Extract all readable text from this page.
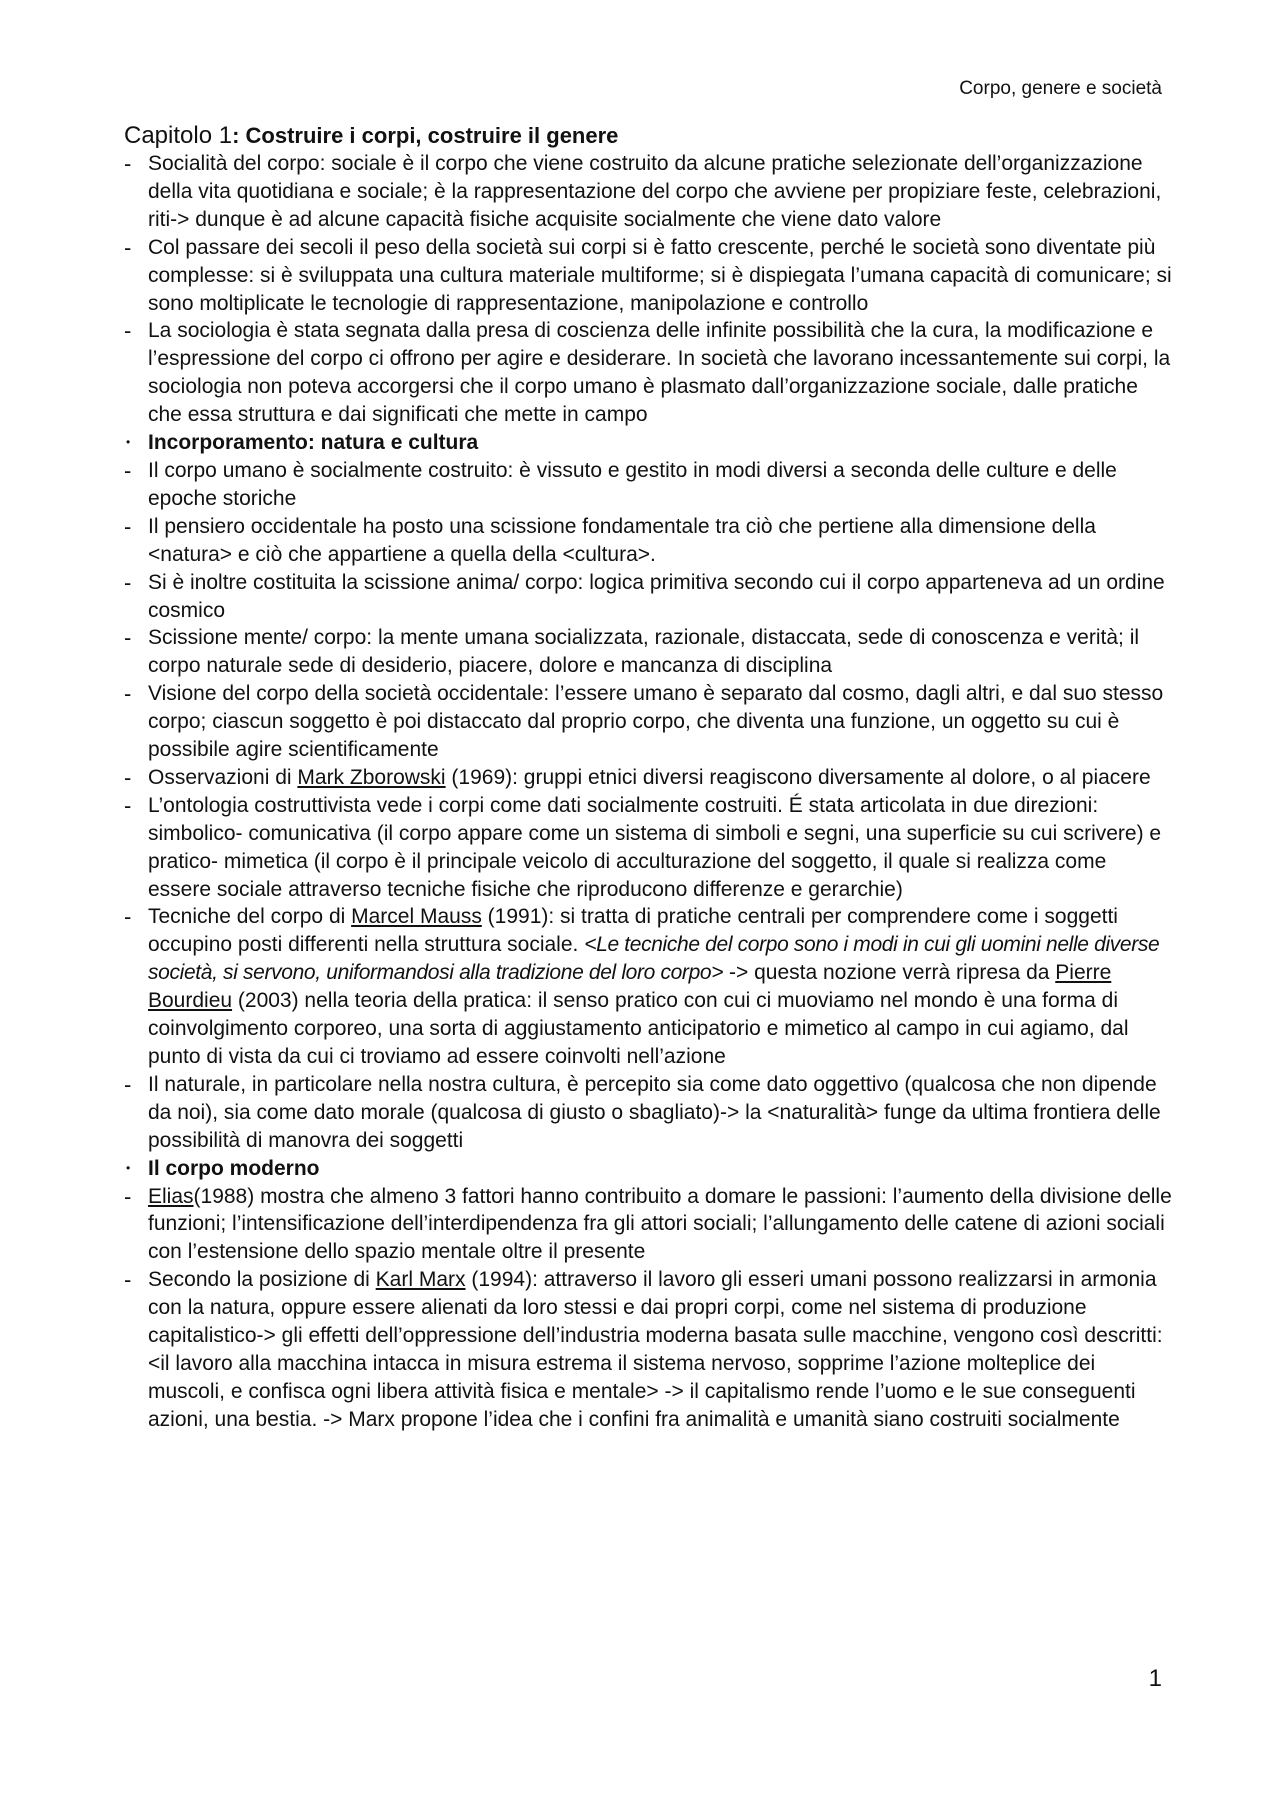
Corpo, genere e società
Capitolo 1: Costruire i corpi, costruire il genere
- Socialità del corpo: sociale è il corpo che viene costruito da alcune pratiche selezionate dell’organizzazione della vita quotidiana e sociale; è la rappresentazione del corpo che avviene per propiziare feste, celebrazioni, riti-> dunque è ad alcune capacità fisiche acquisite socialmente che viene dato valore
- Col passare dei secoli il peso della società sui corpi si è fatto crescente, perché le società sono diventate più complesse: si è sviluppata una cultura materiale multiforme; si è dispiegata l’umana capacità di comunicare; si sono moltiplicate le tecnologie di rappresentazione, manipolazione e controllo
- La sociologia è stata segnata dalla presa di coscienza delle infinite possibilità che la cura, la modificazione e l’espressione del corpo ci offrono per agire e desiderare. In società che lavorano incessantemente sui corpi, la sociologia non poteva accorgersi che il corpo umano è plasmato dall’organizzazione sociale, dalle pratiche che essa struttura e dai significati che mette in campo
• Incorporamento: natura e cultura
- Il corpo umano è socialmente costruito: è vissuto e gestito in modi diversi a seconda delle culture e delle epoche storiche
- Il pensiero occidentale ha posto una scissione fondamentale tra ciò che pertiene alla dimensione della <natura> e ciò che appartiene a quella della <cultura>.
- Si è inoltre costituita la scissione anima/ corpo: logica primitiva secondo cui il corpo apparteneva ad un ordine cosmico
- Scissione mente/ corpo: la mente umana socializzata, razionale, distaccata, sede di conoscenza e verità; il corpo naturale sede di desiderio, piacere, dolore e mancanza di disciplina
- Visione del corpo della società occidentale: l’essere umano è separato dal cosmo, dagli altri, e dal suo stesso corpo; ciascun soggetto è poi distaccato dal proprio corpo, che diventa una funzione, un oggetto su cui è possibile agire scientificamente
- Osservazioni di Mark Zborowski (1969): gruppi etnici diversi reagiscono diversamente al dolore, o al piacere
- L’ontologia costruttivista vede i corpi come dati socialmente costruiti. É stata articolata in due direzioni: simbolico- comunicativa (il corpo appare come un sistema di simboli e segni, una superficie su cui scrivere) e pratico- mimetica (il corpo è il principale veicolo di acculturazione del soggetto, il quale si realizza come essere sociale attraverso tecniche fisiche che riproducono differenze e gerarchie)
- Tecniche del corpo di Marcel Mauss (1991): si tratta di pratiche centrali per comprendere come i soggetti occupino posti differenti nella struttura sociale. <Le tecniche del corpo sono i modi in cui gli uomini nelle diverse società, si servono, uniformandosi alla tradizione del loro corpo> -> questa nozione verrà ripresa da Pierre Bourdieu (2003) nella teoria della pratica: il senso pratico con cui ci muoviamo nel mondo è una forma di coinvolgimento corporeo, una sorta di aggiustamento anticipatorio e mimetico al campo in cui agiamo, dal punto di vista da cui ci troviamo ad essere coinvolti nell’azione
- Il naturale, in particolare nella nostra cultura, è percepito sia come dato oggettivo (qualcosa che non dipende da noi), sia come dato morale (qualcosa di giusto o sbagliato)-> la <naturalità> funge da ultima frontiera delle possibilità di manovra dei soggetti
• Il corpo moderno
- Elias(1988) mostra che almeno 3 fattori hanno contribuito a domare le passioni: l’aumento della divisione delle funzioni; l’intensificazione dell’interdipendenza fra gli attori sociali; l’allungamento delle catene di azioni sociali con l’estensione dello spazio mentale oltre il presente
- Secondo la posizione di Karl Marx (1994): attraverso il lavoro gli esseri umani possono realizzarsi in armonia con la natura, oppure essere alienati da loro stessi e dai propri corpi, come nel sistema di produzione capitalistico-> gli effetti dell’oppressione dell’industria moderna basata sulle macchine, vengono così descritti: <il lavoro alla macchina intacca in misura estrema il sistema nervoso, sopprime l’azione molteplice dei muscoli, e confisca ogni libera attività fisica e mentale> -> il capitalismo rende l’uomo e le sue conseguenti azioni, una bestia. -> Marx propone l’idea che i confini fra animalità e umanità siano costruiti socialmente
1
